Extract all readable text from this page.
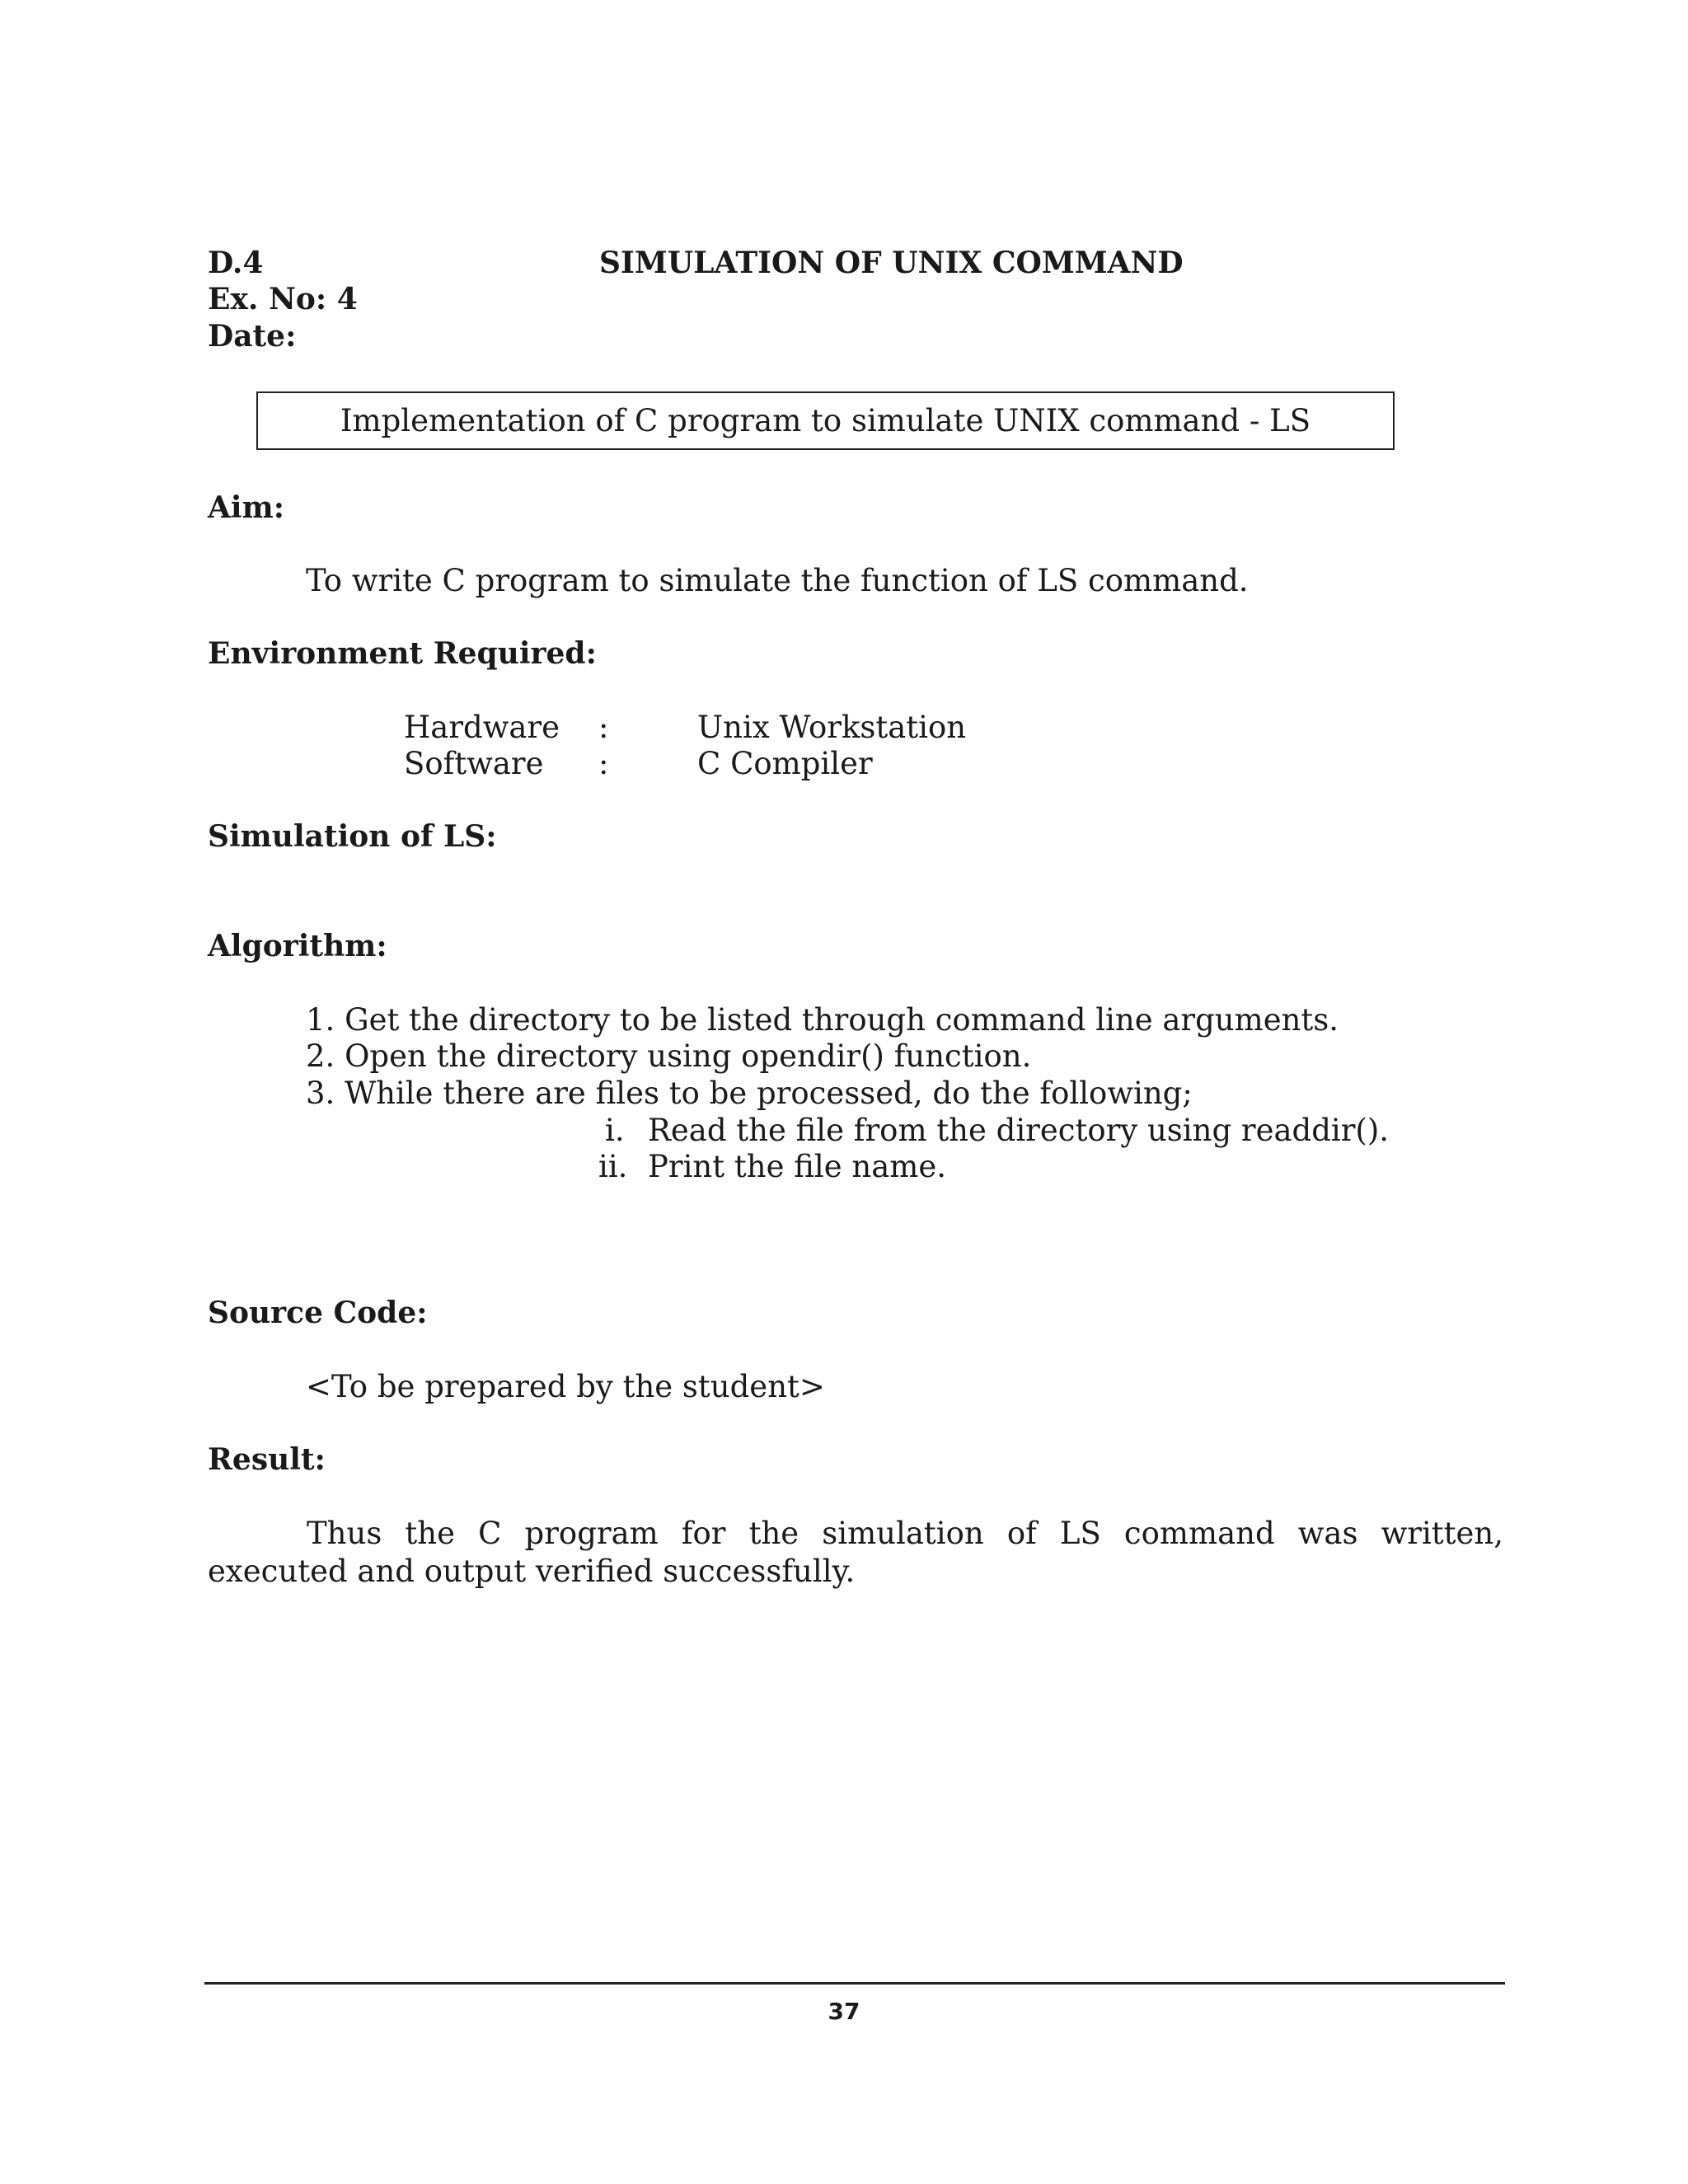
D.4	SIMULATION OF UNIX COMMAND
Ex. No: 4
Date:
Implementation of C program to simulate UNIX command - LS
Aim:
To write C program to simulate the function of LS command.
Environment Required:
Hardware :	Unix Workstation
Software :	C Compiler
Simulation of LS:
Algorithm:
1. Get the directory to be listed through command line arguments.
2. Open the directory using opendir() function.
3. While there are files to be processed, do the following;
i. Read the file from the directory using readdir().
ii. Print the file name.
Source Code:
<To be prepared by the student>
Result:
Thus the C program for the simulation of LS command was written, executed and output verified successfully.
37
